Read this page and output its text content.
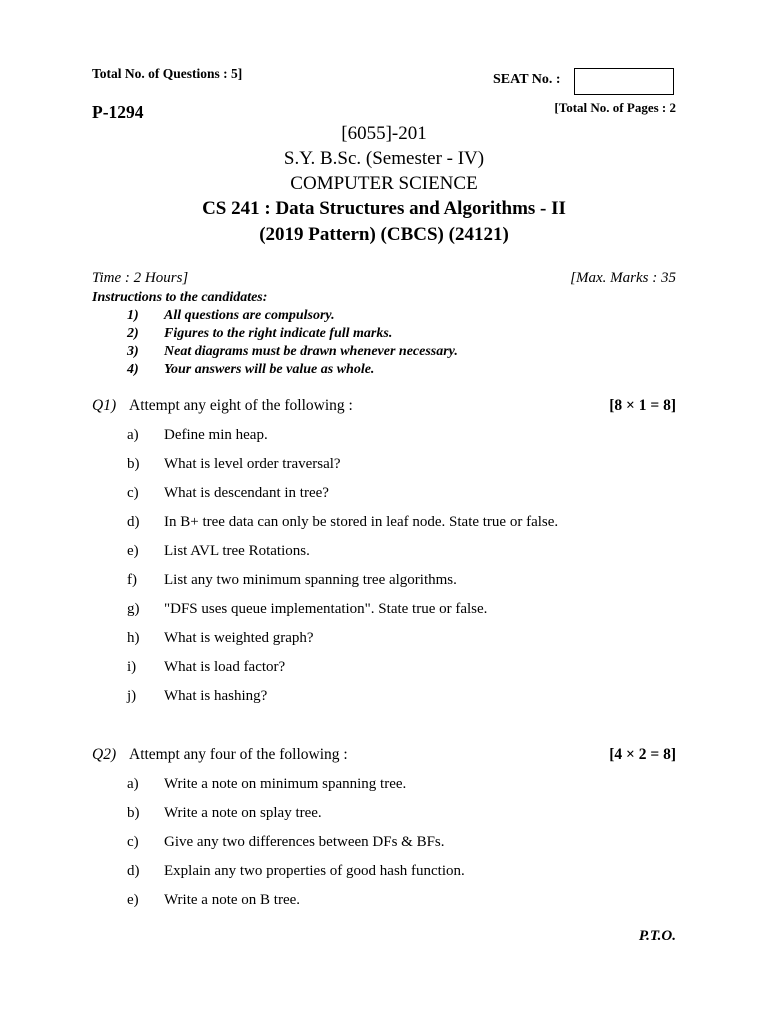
Total No. of Questions : 5]	SEAT No. :
P-1294	[Total No. of Pages : 2
[6055]-201
S.Y. B.Sc. (Semester - IV)
COMPUTER SCIENCE
CS 241 : Data Structures and Algorithms - II
(2019 Pattern) (CBCS) (24121)
Time : 2 Hours]	[Max. Marks : 35
Instructions to the candidates:
1) All questions are compulsory.
2) Figures to the right indicate full marks.
3) Neat diagrams must be drawn whenever necessary.
4) Your answers will be value as whole.
Q1) Attempt any eight of the following :	[8 × 1 = 8]
a) Define min heap.
b) What is level order traversal?
c) What is descendant in tree?
d) In B+ tree data can only be stored in leaf node. State true or false.
e) List AVL tree Rotations.
f) List any two minimum spanning tree algorithms.
g) "DFS uses queue implementation". State true or false.
h) What is weighted graph?
i) What is load factor?
j) What is hashing?
Q2) Attempt any four of the following :	[4 × 2 = 8]
a) Write a note on minimum spanning tree.
b) Write a note on splay tree.
c) Give any two differences between DFs & BFs.
d) Explain any two properties of good hash function.
e) Write a note on B tree.
P.T.O.
